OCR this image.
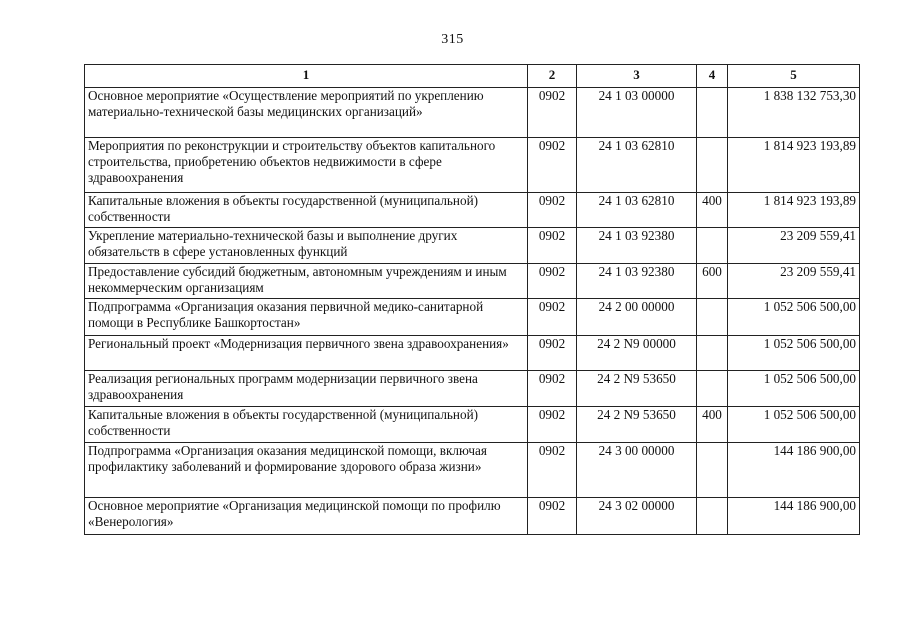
315
1	2	3	4	5
Основное мероприятие «Осуществление мероприятий по укреплению материально-технической базы медицинских организаций»	0902	24 1 03 00000		1 838 132 753,30
Мероприятия по реконструкции и строительству объектов капитального строительства, приобретению объектов недвижимости в сфере здравоохранения	0902	24 1 03 62810		1 814 923 193,89
Капитальные вложения в объекты государственной (муниципальной) собственности	0902	24 1 03 62810	400	1 814 923 193,89
Укрепление материально-технической базы и выполнение других обязательств в сфере установленных функций	0902	24 1 03 92380		23 209 559,41
Предоставление субсидий бюджетным, автономным учреждениям и иным некоммерческим организациям	0902	24 1 03 92380	600	23 209 559,41
Подпрограмма «Организация оказания первичной медико-санитарной помощи в Республике Башкортостан»	0902	24 2 00 00000		1 052 506 500,00
Региональный проект «Модернизация первичного звена здравоохранения»	0902	24 2 N9 00000		1 052 506 500,00
Реализация региональных программ модернизации первичного звена здравоохранения	0902	24 2 N9 53650		1 052 506 500,00
Капитальные вложения в объекты государственной (муниципальной) собственности	0902	24 2 N9 53650	400	1 052 506 500,00
Подпрограмма «Организация оказания медицинской помощи, включая профилактику заболеваний и формирование здорового образа жизни»	0902	24 3 00 00000		144 186 900,00
Основное мероприятие «Организация медицинской помощи по профилю «Венерология»	0902	24 3 02 00000		144 186 900,00
